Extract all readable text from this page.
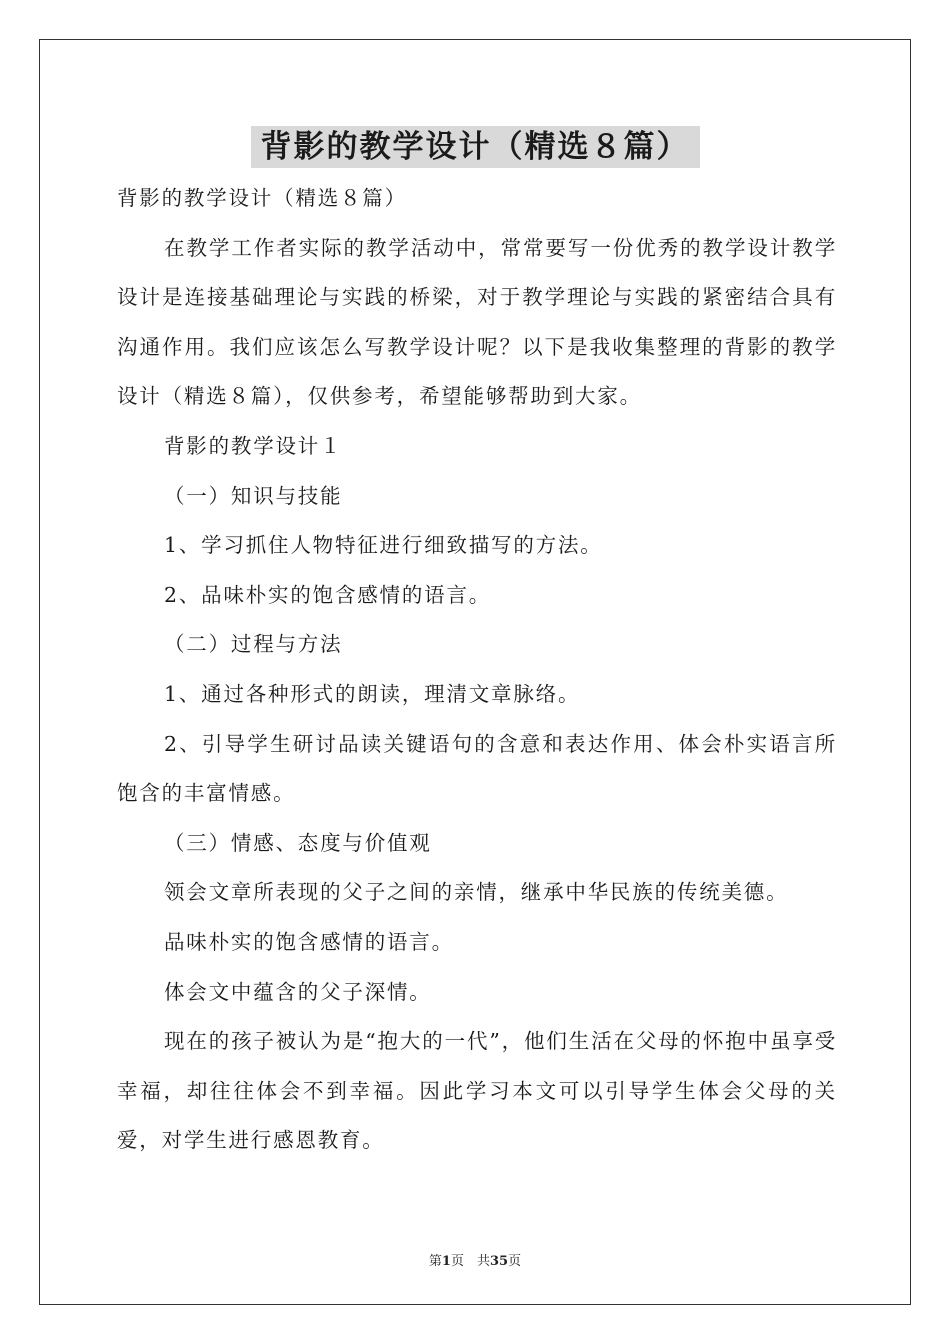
背影的教学设计（精选８篇）

背影的教学设计（精选８篇）

在教学工作者实际的教学活动中，常常要写一份优秀的教学设计教学设计是连接基础理论与实践的桥梁，对于教学理论与实践的紧密结合具有沟通作用。我们应该怎么写教学设计呢？以下是我收集整理的背影的教学设计（精选８篇），仅供参考，希望能够帮助到大家。

背影的教学设计１

（一）知识与技能

1、学习抓住人物特征进行细致描写的方法。

2、品味朴实的饱含感情的语言。

（二）过程与方法

1、通过各种形式的朗读，理清文章脉络。

2、引导学生研讨品读关键语句的含意和表达作用、体会朴实语言所饱含的丰富情感。

（三）情感、态度与价值观

领会文章所表现的父子之间的亲情，继承中华民族的传统美德。

品味朴实的饱含感情的语言。

体会文中蕴含的父子深情。

现在的孩子被认为是“抱大的一代”，他们生活在父母的怀抱中虽享受幸福，却往往体会不到幸福。因此学习本文可以引导学生体会父母的关爱，对学生进行感恩教育。

第1页　共35页
